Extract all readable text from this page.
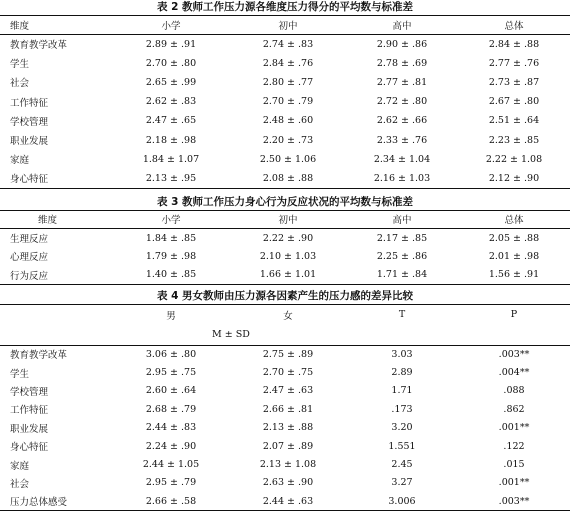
表 2 教师工作压力源各维度压力得分的平均数与标准差
维度	小学	初中	高中	总体
教育教学改革	2.89 ± .91	2.74 ± .83	2.90 ± .86	2.84 ± .88
学生	2.70 ± .80	2.84 ± .76	2.78 ± .69	2.77 ± .76
社会	2.65 ± .99	2.80 ± .77	2.77 ± .81	2.73 ± .87
工作特征	2.62 ± .83	2.70 ± .79	2.72 ± .80	2.67 ± .80
学校管理	2.47 ± .65	2.48 ± .60	2.62 ± .66	2.51 ± .64
职业发展	2.18 ± .98	2.20 ± .73	2.33 ± .76	2.23 ± .85
家庭	1.84 ± 1.07	2.50 ± 1.06	2.34 ± 1.04	2.22 ± 1.08
身心特征	2.13 ± .95	2.08 ± .88	2.16 ± 1.03	2.12 ± .90
表 3 教师工作压力身心行为反应状况的平均数与标准差
维度	小学	初中	高中	总体
生理反应	1.84 ± .85	2.22 ± .90	2.17 ± .85	2.05 ± .88
心理反应	1.79 ± .98	2.10 ± 1.03	2.25 ± .86	2.01 ± .98
行为反应	1.40 ± .85	1.66 ± 1.01	1.71 ± .84	1.56 ± .91
表 4 男女教师由压力源各因素产生的压力感的差异比较
	男	女	T	P
	M ± SD			
教育教学改革	3.06 ± .80	2.75 ± .89	3.03	.003**
学生	2.95 ± .75	2.70 ± .75	2.89	.004**
学校管理	2.60 ± .64	2.47 ± .63	1.71	.088
工作特征	2.68 ± .79	2.66 ± .81	.173	.862
职业发展	2.44 ± .83	2.13 ± .88	3.20	.001**
身心特征	2.24 ± .90	2.07 ± .89	1.551	.122
家庭	2.44 ± 1.05	2.13 ± 1.08	2.45	.015
社会	2.95 ± .79	2.63 ± .90	3.27	.001**
压力总体感受	2.66 ± .58	2.44 ± .63	3.006	.003**
